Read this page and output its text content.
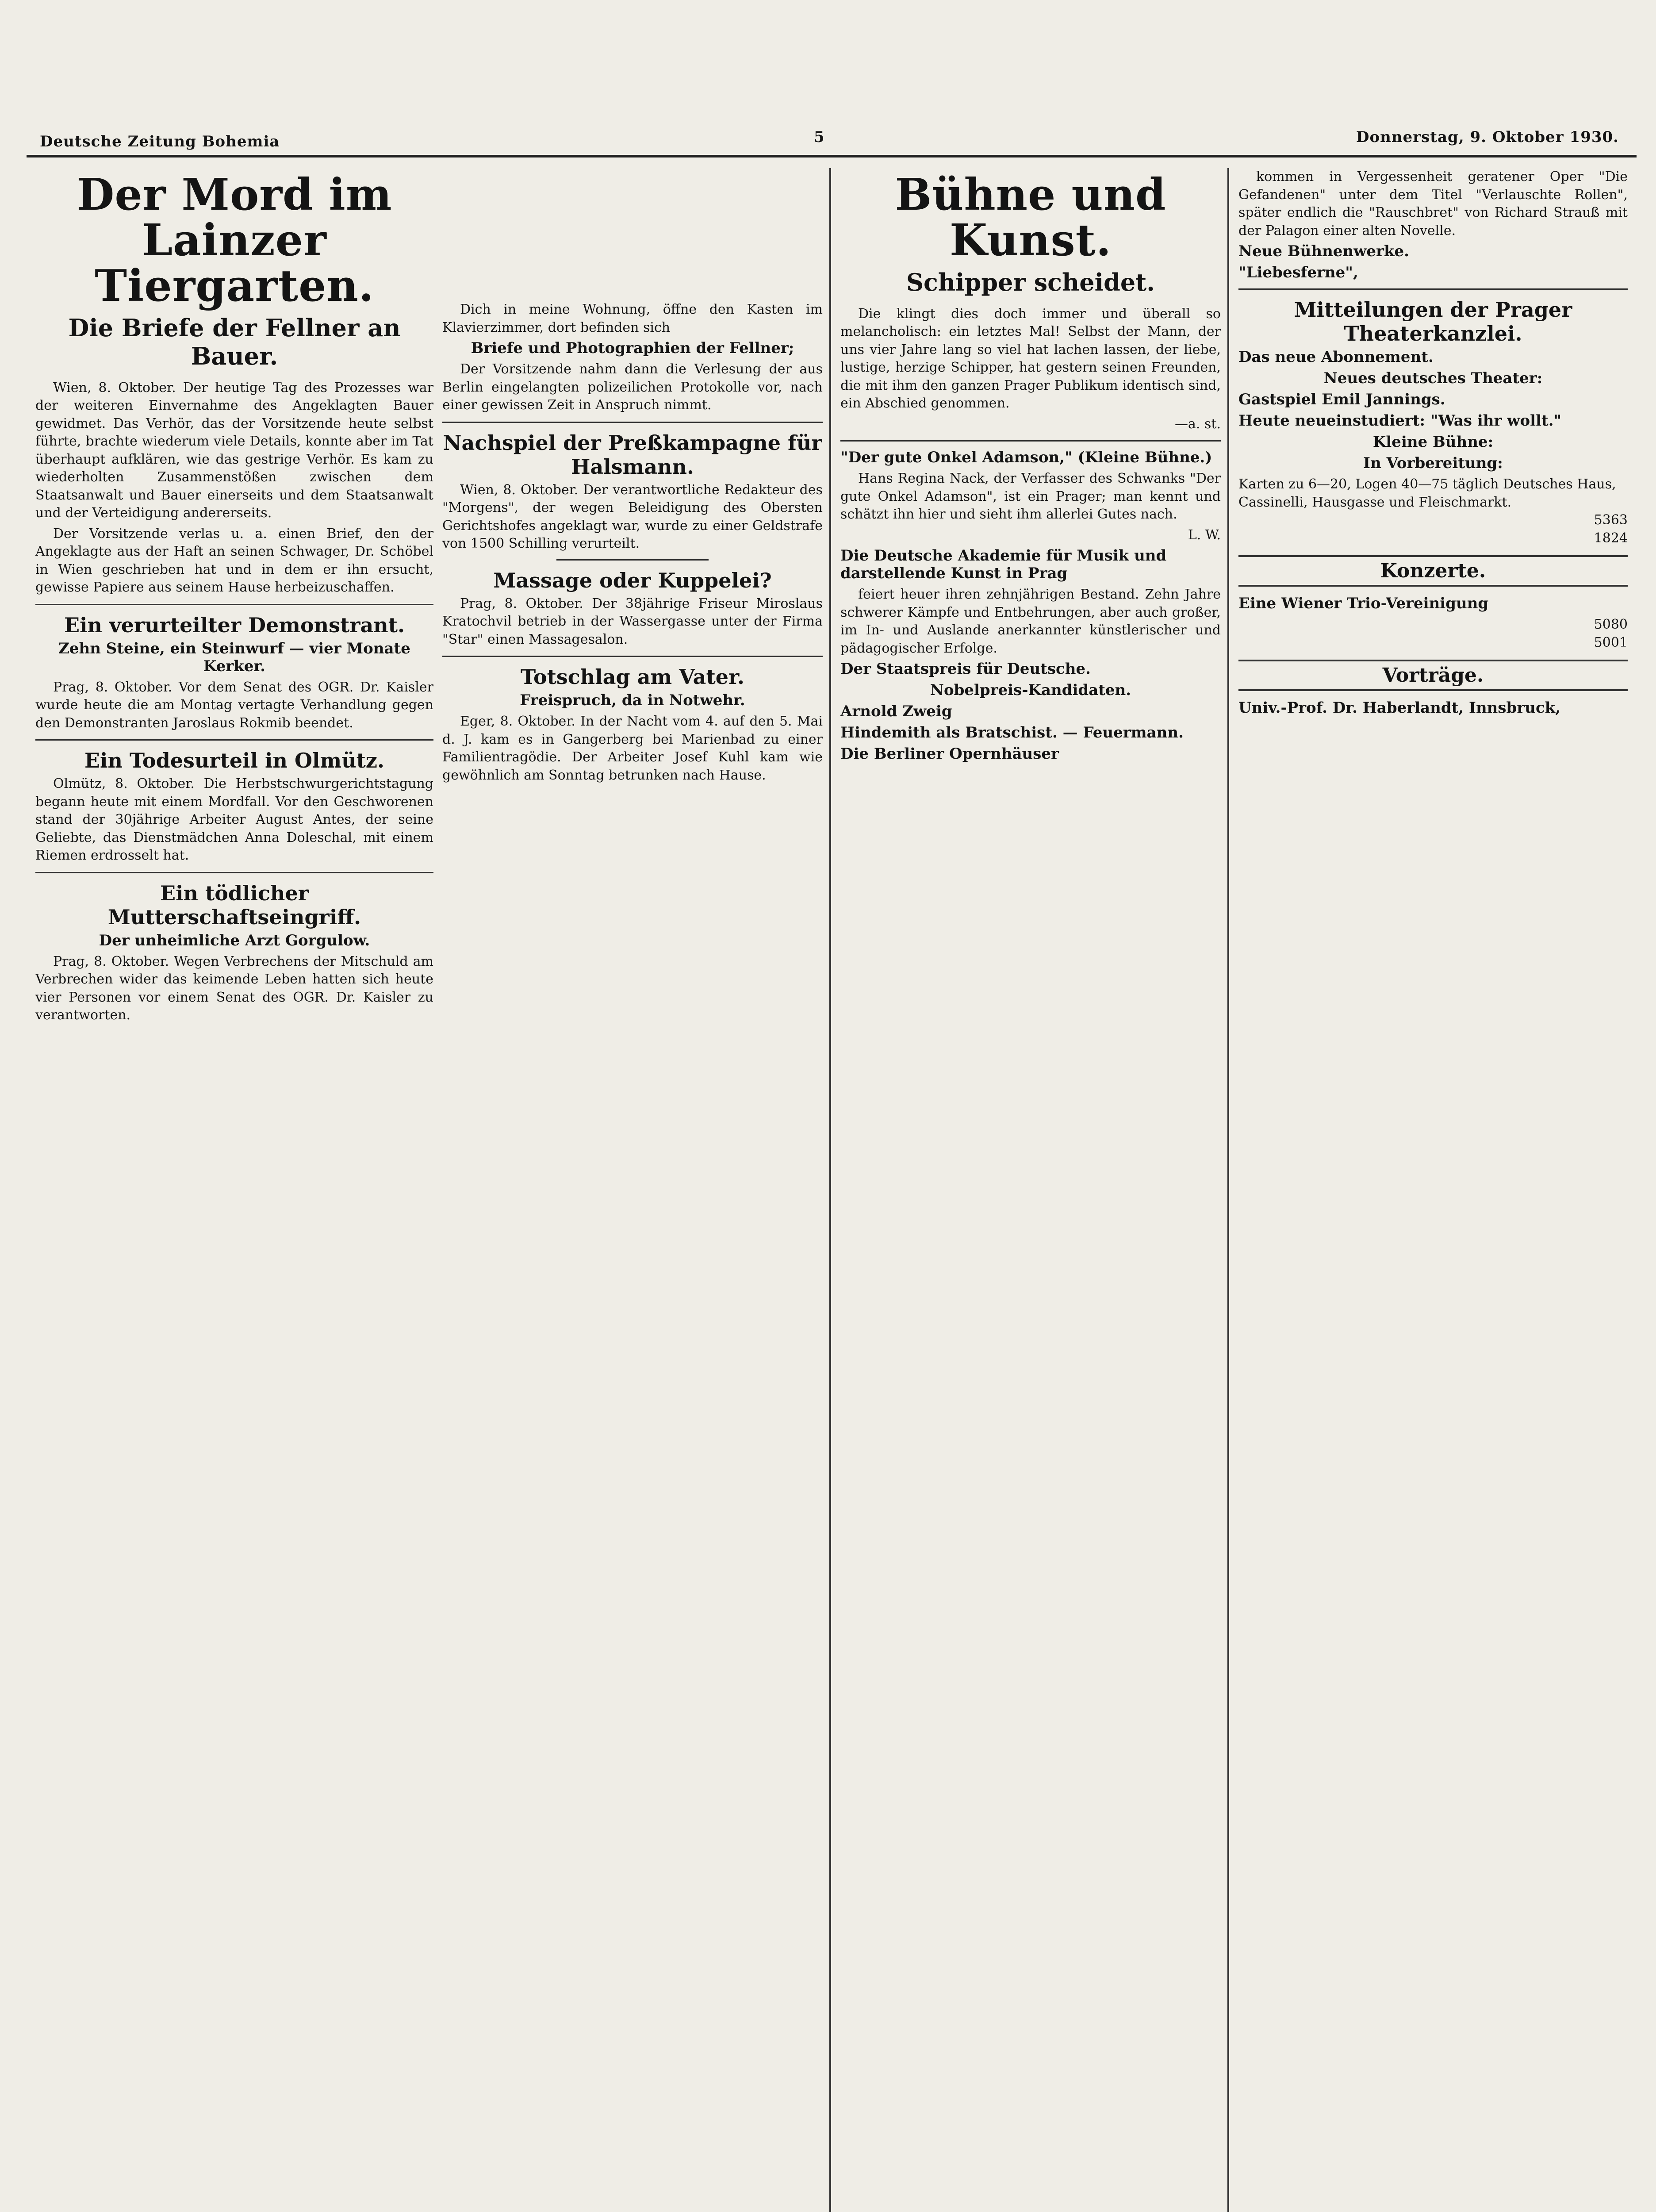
Deutsche Zeitung Bohemia	5	Donnerstag, 9. Oktober 1930.
Der Mord im Lainzer Tiergarten.
Die Briefe der Fellner an Bauer.

Wien, 8. Oktober. Der heutige Tag des Prozesses war der weiteren Einvernahme des Angeklagten Bauer gewidmet. Das Verhör, das der Vorsitzende heute selbst führte, brachte wiederum viele Details, konnte aber im Tat überhaupt aufklären, wie das gestrige Verhör. Es kam zu wiederholten Zusammenstößen zwischen dem Staatsanwalt und Bauer einerseits und dem Staatsanwalt und der Verteidigung andererseits.

Der Vorsitzende verlas u. a. einen Brief, den der Angeklagte aus der Haft an seinen Schwager, Dr. Schöbel in Wien geschrieben hat und in dem er ihn ersucht, gewisse Papiere aus seinem Hause herbeizuschaffen.

Ein verurteilter Demonstrant.
Zehn Steine, ein Steinwurf — vier Monate Kerker.

Prag, 8. Oktober. Vor dem Senat des OGR. Dr. Kaisler wurde heute die am Montag vertagte Verhandlung gegen den Demonstranten Jaroslaus Rokmib beendet.

Ein Todesurteil in Olmütz.

Olmütz, 8. Oktober. Die Herbstschwurgerichtstagung begann heute mit einem Mordfall. Vor den Geschworenen stand der 30jährige Arbeiter August Antes, der seine Geliebte, das Dienstmädchen Anna Doleschal, mit einem Riemen erdrosselt hat.

Ein tödlicher Mutterschaftseingriff.
Der unheimliche Arzt Gorgulow.

Prag, 8. Oktober. Wegen Verbrechens der Mitschuld am Verbrechen wider das keimende Leben hatten sich heute vier Personen vor einem Senat des OGR. Dr. Kaisler zu verantworten.

Dich in meine Wohnung, öffne den Kasten im Klavierzimmer, dort befinden sich

Briefe und Photographien der Fellner;

Der Vorsitzende nahm dann die Verlesung der aus Berlin eingelangten polizeilichen Protokolle vor, nach einer gewissen Zeit in Anspruch nimmt.

Nachspiel der Preßkampagne für Halsmann.

Wien, 8. Oktober. Der verantwortliche Redakteur des "Morgens", der wegen Beleidigung des Obersten Gerichtshofes angeklagt war, wurde zu einer Geldstrafe von 1500 Schilling verurteilt.

Massage oder Kuppelei?

Prag, 8. Oktober. Der 38jährige Friseur Miroslaus Kratochvil betrieb in der Wassergasse unter der Firma "Star" einen Massagesalon.

Totschlag am Vater.
Freispruch, da in Notwehr.

Eger, 8. Oktober. In der Nacht vom 4. auf den 5. Mai d. J. kam es in Gangerberg bei Marienbad zu einer Familientragödie. Der Arbeiter Josef Kuhl kam wie gewöhnlich am Sonntag betrunken nach Hause.

Bühne und Kunst.
Schipper scheidet.

Die klingt dies doch immer und überall so melancholisch: ein letztes Mal! Selbst der Mann, der uns vier Jahre lang so viel hat lachen lassen, der liebe, lustige, herzige Schipper, hat gestern seinen Freunden, die mit ihm den ganzen Prager Publikum identisch sind, ein Abschied genommen.

—a. st.

"Der gute Onkel Adamson," (Kleine Bühne.)

Hans Regina Nack, der Verfasser des Schwanks "Der gute Onkel Adamson", ist ein Prager; man kennt und schätzt ihn hier und sieht ihm allerlei Gutes nach.

L. W.

Die Deutsche Akademie für Musik und darstellende Kunst in Prag

feiert heuer ihren zehnjährigen Bestand. Zehn Jahre schwerer Kämpfe und Entbehrungen, aber auch großer, im In- und Auslande anerkannter künstlerischer und pädagogischer Erfolge.

Der Staatspreis für Deutsche.
Nobelpreis-Kandidaten.
Arnold Zweig
Hindemith als Bratschist. — Feuermann.
Die Berliner Opernhäuser

kommen in Vergessenheit geratener Oper "Die Gefandenen" unter dem Titel "Verlauschte Rollen", später endlich die "Rauschbret" von Richard Strauß mit der Palagon einer alten Novelle.

Neue Bühnenwerke.
"Liebesferne",
Mitteilungen der Prager Theaterkanzlei.
Das neue Abonnement.
Neues deutsches Theater:
Gastspiel Emil Jannings.
Heute neueinstudiert: "Was ihr wollt."
Kleine Bühne:
In Vorbereitung:
Karten zu 6—20, Logen 40—75 täglich Deutsches Haus, Cassinelli, Hausgasse und Fleischmarkt.
5363
1824
Konzerte.
Eine Wiener Trio-Vereinigung
5080
5001
Vorträge.
Univ.-Prof. Dr. Haberlandt, Innsbruck,
